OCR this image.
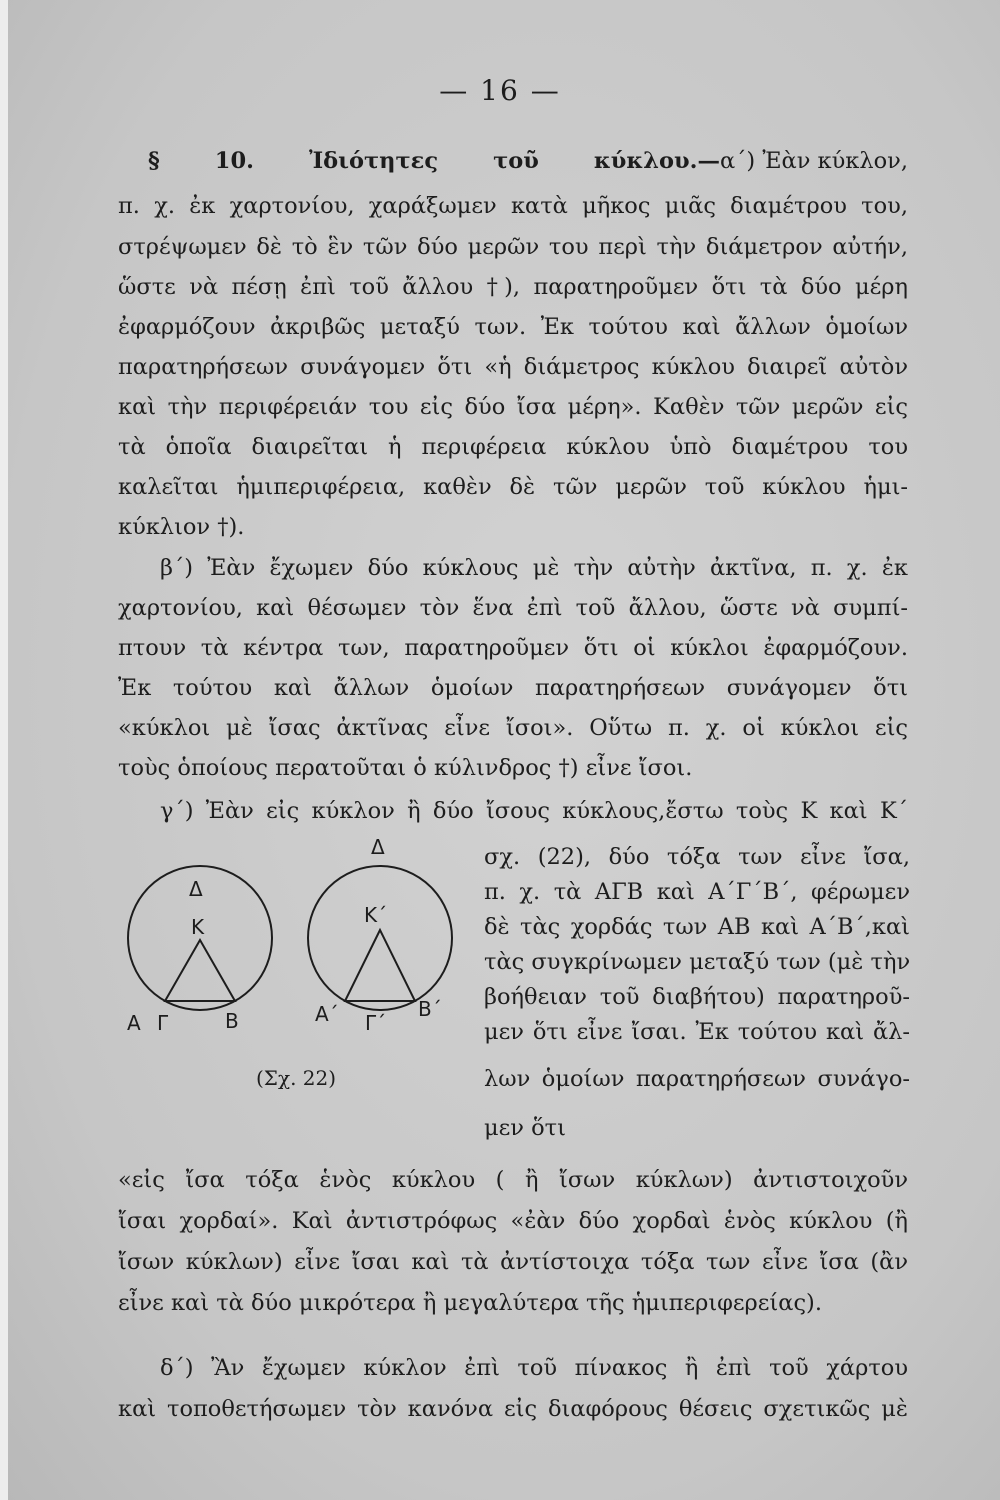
— 16 —
§ 10. Ἰδιότητες τοῦ κύκλου.— α΄) Ἐὰν κύκλον,
π. χ. ἐκ χαρτονίου, χαράξωμεν κατὰ μῆκος μιᾶς διαμέτρου του,
στρέψωμεν δὲ τὸ ἓν τῶν δύο μερῶν του περὶ τὴν διάμετρον αὐτήν,
ὥστε νὰ πέσῃ ἐπὶ τοῦ ἄλλου †), παρατηροῦμεν ὅτι τὰ δύο μέρη
ἐφαρμόζουν ἀκριβῶς μεταξύ των. Ἐκ τούτου καὶ ἄλλων ὁμοίων
παρατηρήσεων συνάγομεν ὅτι «ἡ διάμετρος κύκλου διαιρεῖ αὐτὸν
καὶ τὴν περιφέρειάν του εἰς δύο ἴσα μέρη». Καθὲν τῶν μερῶν εἰς
τὰ ὁποῖα διαιρεῖται ἡ περιφέρεια κύκλου ὑπὸ διαμέτρου του
καλεῖται ἡμιπεριφέρεια, καθὲν δὲ τῶν μερῶν τοῦ κύκλου ἡμι-
κύκλιον †).
β΄) Ἐὰν ἔχωμεν δύο κύκλους μὲ τὴν αὐτὴν ἀκτῖνα, π. χ. ἐκ
χαρτονίου, καὶ θέσωμεν τὸν ἕνα ἐπὶ τοῦ ἄλλου, ὥστε νὰ συμπί-
πτουν τὰ κέντρα των, παρατηροῦμεν ὅτι οἱ κύκλοι ἐφαρμόζουν.
Ἐκ τούτου καὶ ἄλλων ὁμοίων παρατηρήσεων συνάγομεν ὅτι
«κύκλοι μὲ ἴσας ἀκτῖνας εἶνε ἴσοι». Οὕτω π. χ. οἱ κύκλοι εἰς
τοὺς ὁποίους περατοῦται ὁ κύλινδρος †) εἶνε ἴσοι.
γ΄) Ἐὰν εἰς κύκλον ἢ δύο ἴσους κύκλους,ἔστω τοὺς Κ καὶ Κ΄
σχ. (22), δύο τόξα των εἶνε ἴσα,
π. χ. τὰ ΑΓΒ καὶ Α΄Γ΄Β΄, φέρωμεν
δὲ τὰς χορδάς των ΑΒ καὶ Α΄Β΄,καὶ
τὰς συγκρίνωμεν μεταξύ των (μὲ τὴν
βοήθειαν τοῦ διαβήτου) παρατηροῦ-
μεν ὅτι εἶνε ἴσαι. Ἐκ τούτου καὶ ἄλ-
λων ὁμοίων παρατηρήσεων συνάγο-
μεν ὅτι
Δ
Κ
Α Γ	Β
Δ
Κ΄
Α΄ Γ΄
Β΄
(Σχ. 22)
«εἰς ἴσα τόξα ἑνὸς κύκλου ( ἢ ἴσων κύκλων) ἀντιστοιχοῦν
ἴσαι χορδαί». Καὶ ἀντιστρόφως «ἐὰν δύο χορδαὶ ἑνὸς κύκλου (ἢ
ἴσων κύκλων) εἶνε ἴσαι καὶ τὰ ἀντίστοιχα τόξα των εἶνε ἴσα (ἂν
εἶνε καὶ τὰ δύο μικρότερα ἢ μεγαλύτερα τῆς ἡμιπεριφερείας).
δ΄) Ἂν ἔχωμεν κύκλον ἐπὶ τοῦ πίνακος ἢ ἐπὶ τοῦ χάρτου
καὶ τοποθετήσωμεν τὸν κανόνα εἰς διαφόρους θέσεις σχετικῶς μὲ
